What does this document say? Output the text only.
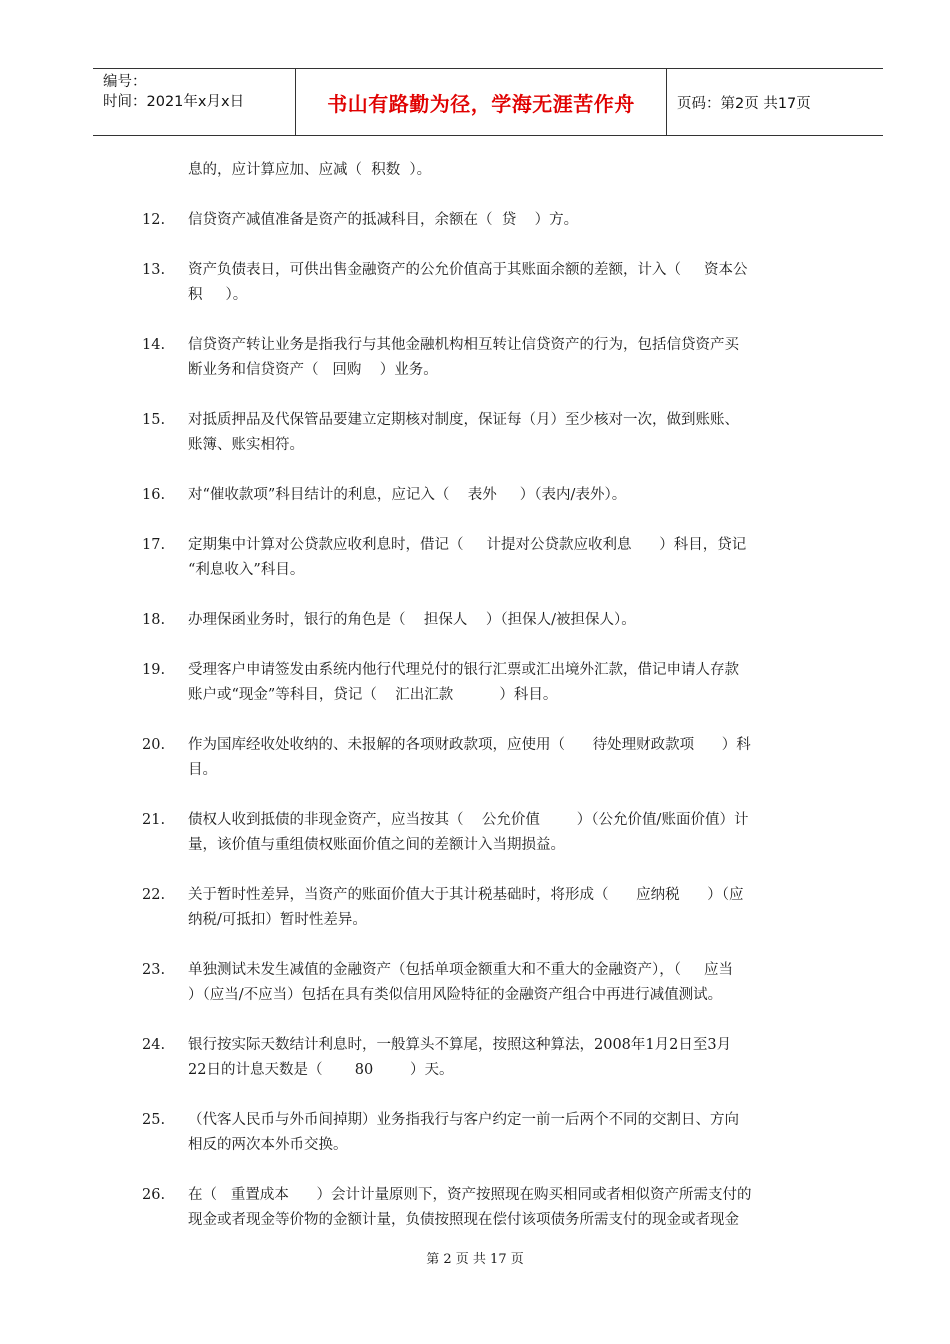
编号：
时间：2021年x月x日	书山有路勤为径，学海无涯苦作舟	页码：第2页 共17页
息的，应计算应加、应减（  积数  ）。
12.	信贷资产减值准备是资产的抵减科目，余额在（  贷    ）方。
13.	资产负债表日，可供出售金融资产的公允价值高于其账面余额的差额，计入（     资本公
积     ）。
14.	信贷资产转让业务是指我行与其他金融机构相互转让信贷资产的行为，包括信贷资产买
断业务和信贷资产（   回购    ）业务。
15.	对抵质押品及代保管品要建立定期核对制度，保证每（月）至少核对一次，做到账账、
账簿、账实相符。
16.	对“催收款项”科目结计的利息，应记入（    表外     ）（表内/表外）。
17.	定期集中计算对公贷款应收利息时，借记（     计提对公贷款应收利息      ）科目，贷记
“利息收入”科目。
18.	办理保函业务时，银行的角色是（    担保人    ）（担保人/被担保人）。
19.	受理客户申请签发由系统内他行代理兑付的银行汇票或汇出境外汇款，借记申请人存款
账户或“现金”等科目，贷记（    汇出汇款          ）科目。
20.	作为国库经收处收纳的、未报解的各项财政款项，应使用（      待处理财政款项      ）科
目。
21.	债权人收到抵债的非现金资产，应当按其（    公允价值        ）（公允价值/账面价值）计
量，该价值与重组债权账面价值之间的差额计入当期损益。
22.	关于暂时性差异，当资产的账面价值大于其计税基础时，将形成（      应纳税      ）（应
纳税/可抵扣）暂时性差异。
23.	单独测试未发生减值的金融资产（包括单项金额重大和不重大的金融资产），（     应当
）（应当/不应当）包括在具有类似信用风险特征的金融资产组合中再进行减值测试。
24.	银行按实际天数结计利息时，一般算头不算尾，按照这种算法，2008年1月2日至3月
22日的计息天数是（       80        ）天。
25.	（代客人民币与外币间掉期）业务指我行与客户约定一前一后两个不同的交割日、方向
相反的两次本外币交换。
26.	在（   重置成本      ）会计计量原则下，资产按照现在购买相同或者相似资产所需支付的
现金或者现金等价物的金额计量，负债按照现在偿付该项债务所需支付的现金或者现金
第 2 页 共 17 页
